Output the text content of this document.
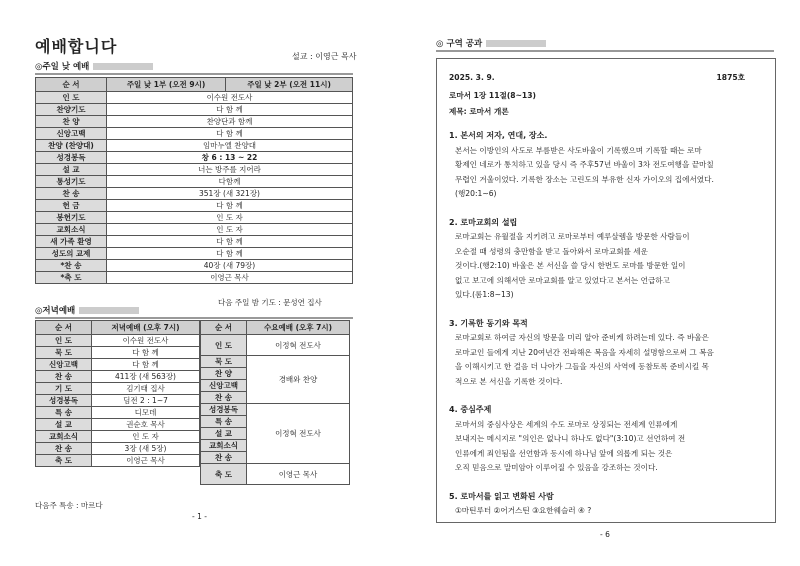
예배합니다
설교 : 이영근 목사
◎주일 낮 예배
순 서	주일 낮 1부 (오전 9시)	주일 낮 2부 (오전 11시)
인 도	이수원 전도사	
찬양기도	다 함 께	
찬 양	찬양단과 함께	
신앙고백	다 함 께	
찬양 (찬양대)	임마누엘 찬양대	
성경봉독	창 6 : 13 ~ 22	
설 교	너는 방주를 지어라	
통성기도	다함께	
찬 송	351장 (새 321장)	
헌 금	다 함 께	
봉헌기도	인 도 자	
교회소식	인 도 자	
새 가족 환영	다 함 께	
성도의 교제	다 함 께	
*찬 송	40장 (새 79장)	
*축 도	이영근 목사	
다음 주일 밤 기도 : 문성연 집사
◎저녁예배
순 서	저녁예배 (오후 7시)
인 도	이수원 전도사
묵 도	다 함 께
신앙고백	다 함 께
찬 송	411장 (새 563장)
기 도	김기태 집사
성경봉독	딤전 2 : 1~7
특 송	디모데
설 교	권순호 목사
교회소식	인 도 자
찬 송	3장 (새 5장)
축 도	이영근 목사
순 서	수요예배 (오후 7시)
인 도	이정혁 전도사
묵 도	경배와 찬양
찬 양	
신앙고백	
찬 송	
성경봉독	이정혁 전도사
특 송	
설 교	
교회소식	
찬 송	
축 도	이영근 목사
다음주 특송 : 마르다
- 1 -
◎ 구역 공과
2025. 3. 9.	1875호
로마서 1장 11절(8~13)
제목: 로마서 개론
1. 본서의 저자, 연대, 장소.
본서는 이방인의 사도로 부름받은 사도바울이 기록했으며 기록할 때는 로마
황제인 네로가 통치하고 있을 당시 즉 주후57년 바울이 3차 전도여행을 끝마칠
무렵인 겨울이었다. 기록한 장소는 고린도의 부유한 신자 가이오의 집에서였다.
(행20:1~6)
2. 로마교회의 설립
로마교회는 유월절을 지키려고 로마로부터 예루살렘을 방문한 사람들이
오순절 때 성령의 충만함을 받고 돌아와서 로마교회를 세운
것이다.(행2:10) 바울은 본 서신을 쓸 당시 한번도 로마를 방문한 일이
없고 보고에 의해서만 로마교회를 알고 있었다고 본서는 언급하고
있다.(롬1:8~13)
3. 기록한 동기와 목적
로마교회로 하여금 자신의 방문을 미리 알아 준비케 하려는데 있다. 즉 바울은
로마교인 들에게 지난 20여년간 전파해온 복음을 자세히 설명함으로써 그 복음
을 이해시키고 한 걸음 더 나아가 그들을 자신의 사역에 동참토록 준비시킬 목
적으로 본 서신을 기록한 것이다.
4. 중심주제
로마서의 중심사상은 세계의 수도 로마로 상징되는 전세계 인류에게
보내지는 메시지로 "의인은 없나니 하나도 없다"(3:10)고 선언하여 전
인류에게 죄인됨을 선언함과 동시에 하나님 앞에 의롭게 되는 것은
오직 믿음으로 말미암아 이루어질 수 있음을 강조하는 것이다.
5. 로마서를 읽고 변화된 사람
①마틴루터 ②어거스틴 ③요한웨슬러 ④ ?
- 6
